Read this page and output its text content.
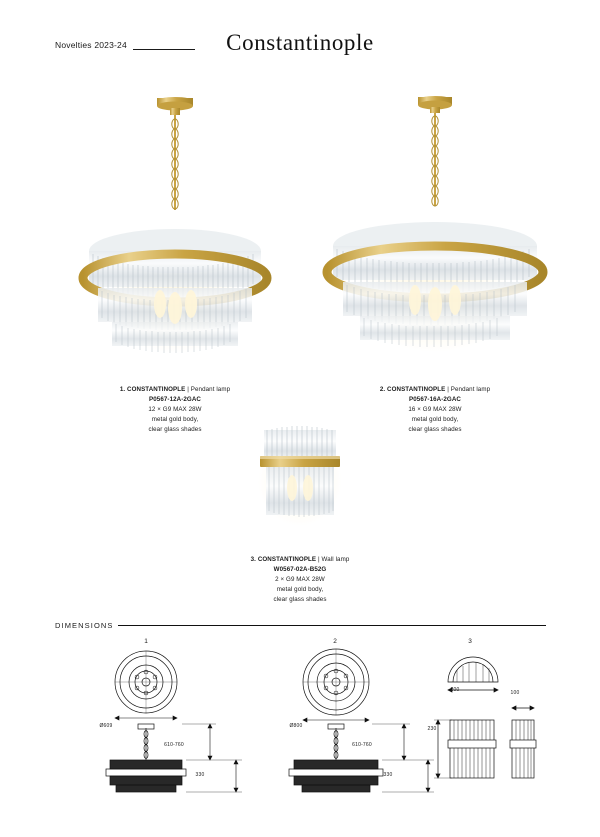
Novelties 2023-24	Constantinople
1. CONSTANTINOPLE | Pendant lamp
P0567-12A-2GAC
12 × G9 MAX 28W
metal gold body,
clear glass shades
2. CONSTANTINOPLE | Pendant lamp
P0567-16A-2GAC
16 × G9 MAX 28W
metal gold body,
clear glass shades
3. CONSTANTINOPLE | Wall lamp
W0567-02A-B52G
2 × G9 MAX 28W
metal gold body,
clear glass shades
DIMENSIONS
1
Ø609
610-760
330
2
Ø800
610-760
330
3
200	100
230
